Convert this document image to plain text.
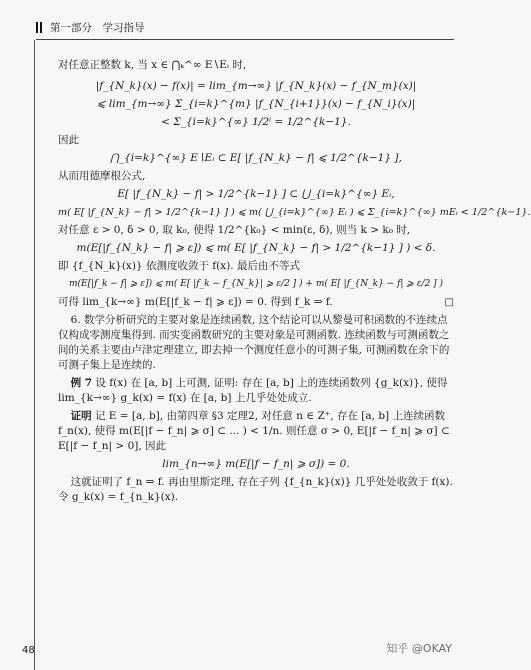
第一部分　学习指导
对任意正整数 k, 当 x ∈ ⋂ₖ^∞ E∖Eᵢ 时,
|f_{N_k}(x) − f(x)| = lim_{m→∞} |f_{N_k}(x) − f_{N_m}(x)|
⩽ lim_{m→∞} Σ_{i=k}^{m} |f_{N_{i+1}}(x) − f_{N_i}(x)|
< Σ_{i=k}^{∞} 1/2ⁱ = 1/2^{k−1}.
因此
⋂_{i=k}^{∞} E∖Eᵢ ⊂ E[ |f_{N_k} − f| ⩽ 1/2^{k−1} ],
从而用德摩根公式,
E[ |f_{N_k} − f| > 1/2^{k−1} ] ⊂ ⋃_{i=k}^{∞} Eᵢ,
m( E[ |f_{N_k} − f| > 1/2^{k−1} ] ) ⩽ m( ⋃_{i=k}^{∞} Eᵢ ) ⩽ Σ_{i=k}^{∞} mEᵢ < 1/2^{k−1}.
对任意 ε > 0, δ > 0, 取 k₀, 使得 1/2^{k₀} < min(ε, δ), 则当 k > k₀ 时,
m(E[|f_{N_k} − f| ⩾ ε]) ⩽ m( E[ |f_{N_k} − f| > 1/2^{k−1} ] ) < δ.
即 {f_{N_k}(x)} 依测度收敛于 f(x). 最后由不等式
m(E[|f_k − f| ⩾ ε]) ⩽ m( E[ |f_k − f_{N_k}| ⩾ ε/2 ] ) + m( E[ |f_{N_k} − f| ⩾ ε/2 ] )
可得 lim_{k→∞} m(E[|f_k − f| ⩾ ε]) = 0. 得到 f_k ⇒ f.	□
6. 数学分析研究的主要对象是连续函数, 这个结论可以从黎曼可积函数的不连续点仅构成零测度集得到. 而实变函数研究的主要对象是可测函数. 连续函数与可测函数之间的关系主要由卢津定理建立, 即去掉一个测度任意小的可测子集, 可测函数在余下的可测子集上是连续的.
例 7 设 f(x) 在 [a, b] 上可测, 证明: 存在 [a, b] 上的连续函数列 {g_k(x)}, 使得 lim_{k→∞} g_k(x) = f(x) 在 [a, b] 上几乎处处成立.
证明 记 E = [a, b], 由第四章 §3 定理2, 对任意 n ∈ Z⁺, 存在 [a, b] 上连续函数 f_n(x), 使得 m(E[|f − f_n| ⩾ σ] ⊂ ... ) < 1/n. 则任意 σ > 0, E[|f − f_n| ⩾ σ] ⊂ E[|f − f_n| > 0], 因此
lim_{n→∞} m(E[|f − f_n| ⩾ σ]) = 0.
这就证明了 f_n ⇒ f. 再由里斯定理, 存在子列 {f_{n_k}(x)} 几乎处处收敛于 f(x). 令 g_k(x) = f_{n_k}(x).
48	知乎 @OKAY
